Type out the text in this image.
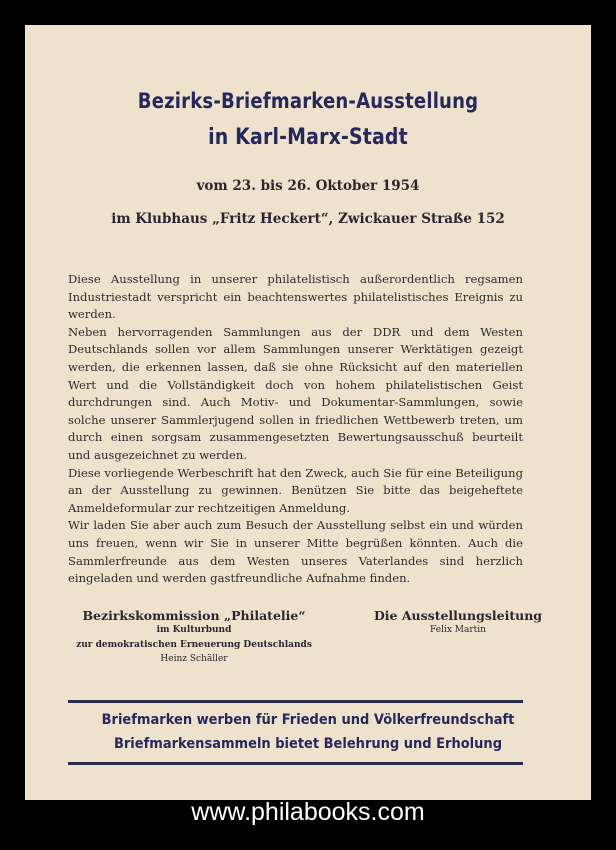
Bezirks-Briefmarken-Ausstellung
in Karl-Marx-Stadt
vom 23. bis 26. Oktober 1954
im Klubhaus „Fritz Heckert“, Zwickauer Straße 152

Diese Ausstellung in unserer philatelistisch außerordentlich regsamen Industriestadt verspricht ein beachtenswertes philatelistisches Ereignis zu werden.

Neben hervorragenden Sammlungen aus der DDR und dem Westen Deutschlands sollen vor allem Sammlungen unserer Werktätigen gezeigt werden, die erkennen lassen, daß sie ohne Rücksicht auf den materiellen Wert und die Vollständigkeit doch von hohem philatelistischen Geist durchdrungen sind. Auch Motiv- und Dokumentar-Sammlungen, sowie solche unserer Sammlerjugend sollen in friedlichen Wettbewerb treten, um durch einen sorgsam zusammengesetzten Bewertungsausschuß beurteilt und ausgezeichnet zu werden.

Diese vorliegende Werbeschrift hat den Zweck, auch Sie für eine Beteiligung an der Ausstellung zu gewinnen. Benützen Sie bitte das beigeheftete Anmeldeformular zur rechtzeitigen Anmeldung.

Wir laden Sie aber auch zum Besuch der Ausstellung selbst ein und würden uns freuen, wenn wir Sie in unserer Mitte begrüßen könnten. Auch die Sammlerfreunde aus dem Westen unseres Vaterlandes sind herzlich eingeladen und werden gastfreundliche Aufnahme finden.

Bezirkskommission „Philatelie“
im Kulturbund
zur demokratischen Erneuerung Deutschlands
Heinz Schäller
Die Ausstellungsleitung
Felix Martin
Briefmarken werben für Frieden und Völkerfreundschaft
Briefmarkensammeln bietet Belehrung und Erholung
www.philabooks.com
